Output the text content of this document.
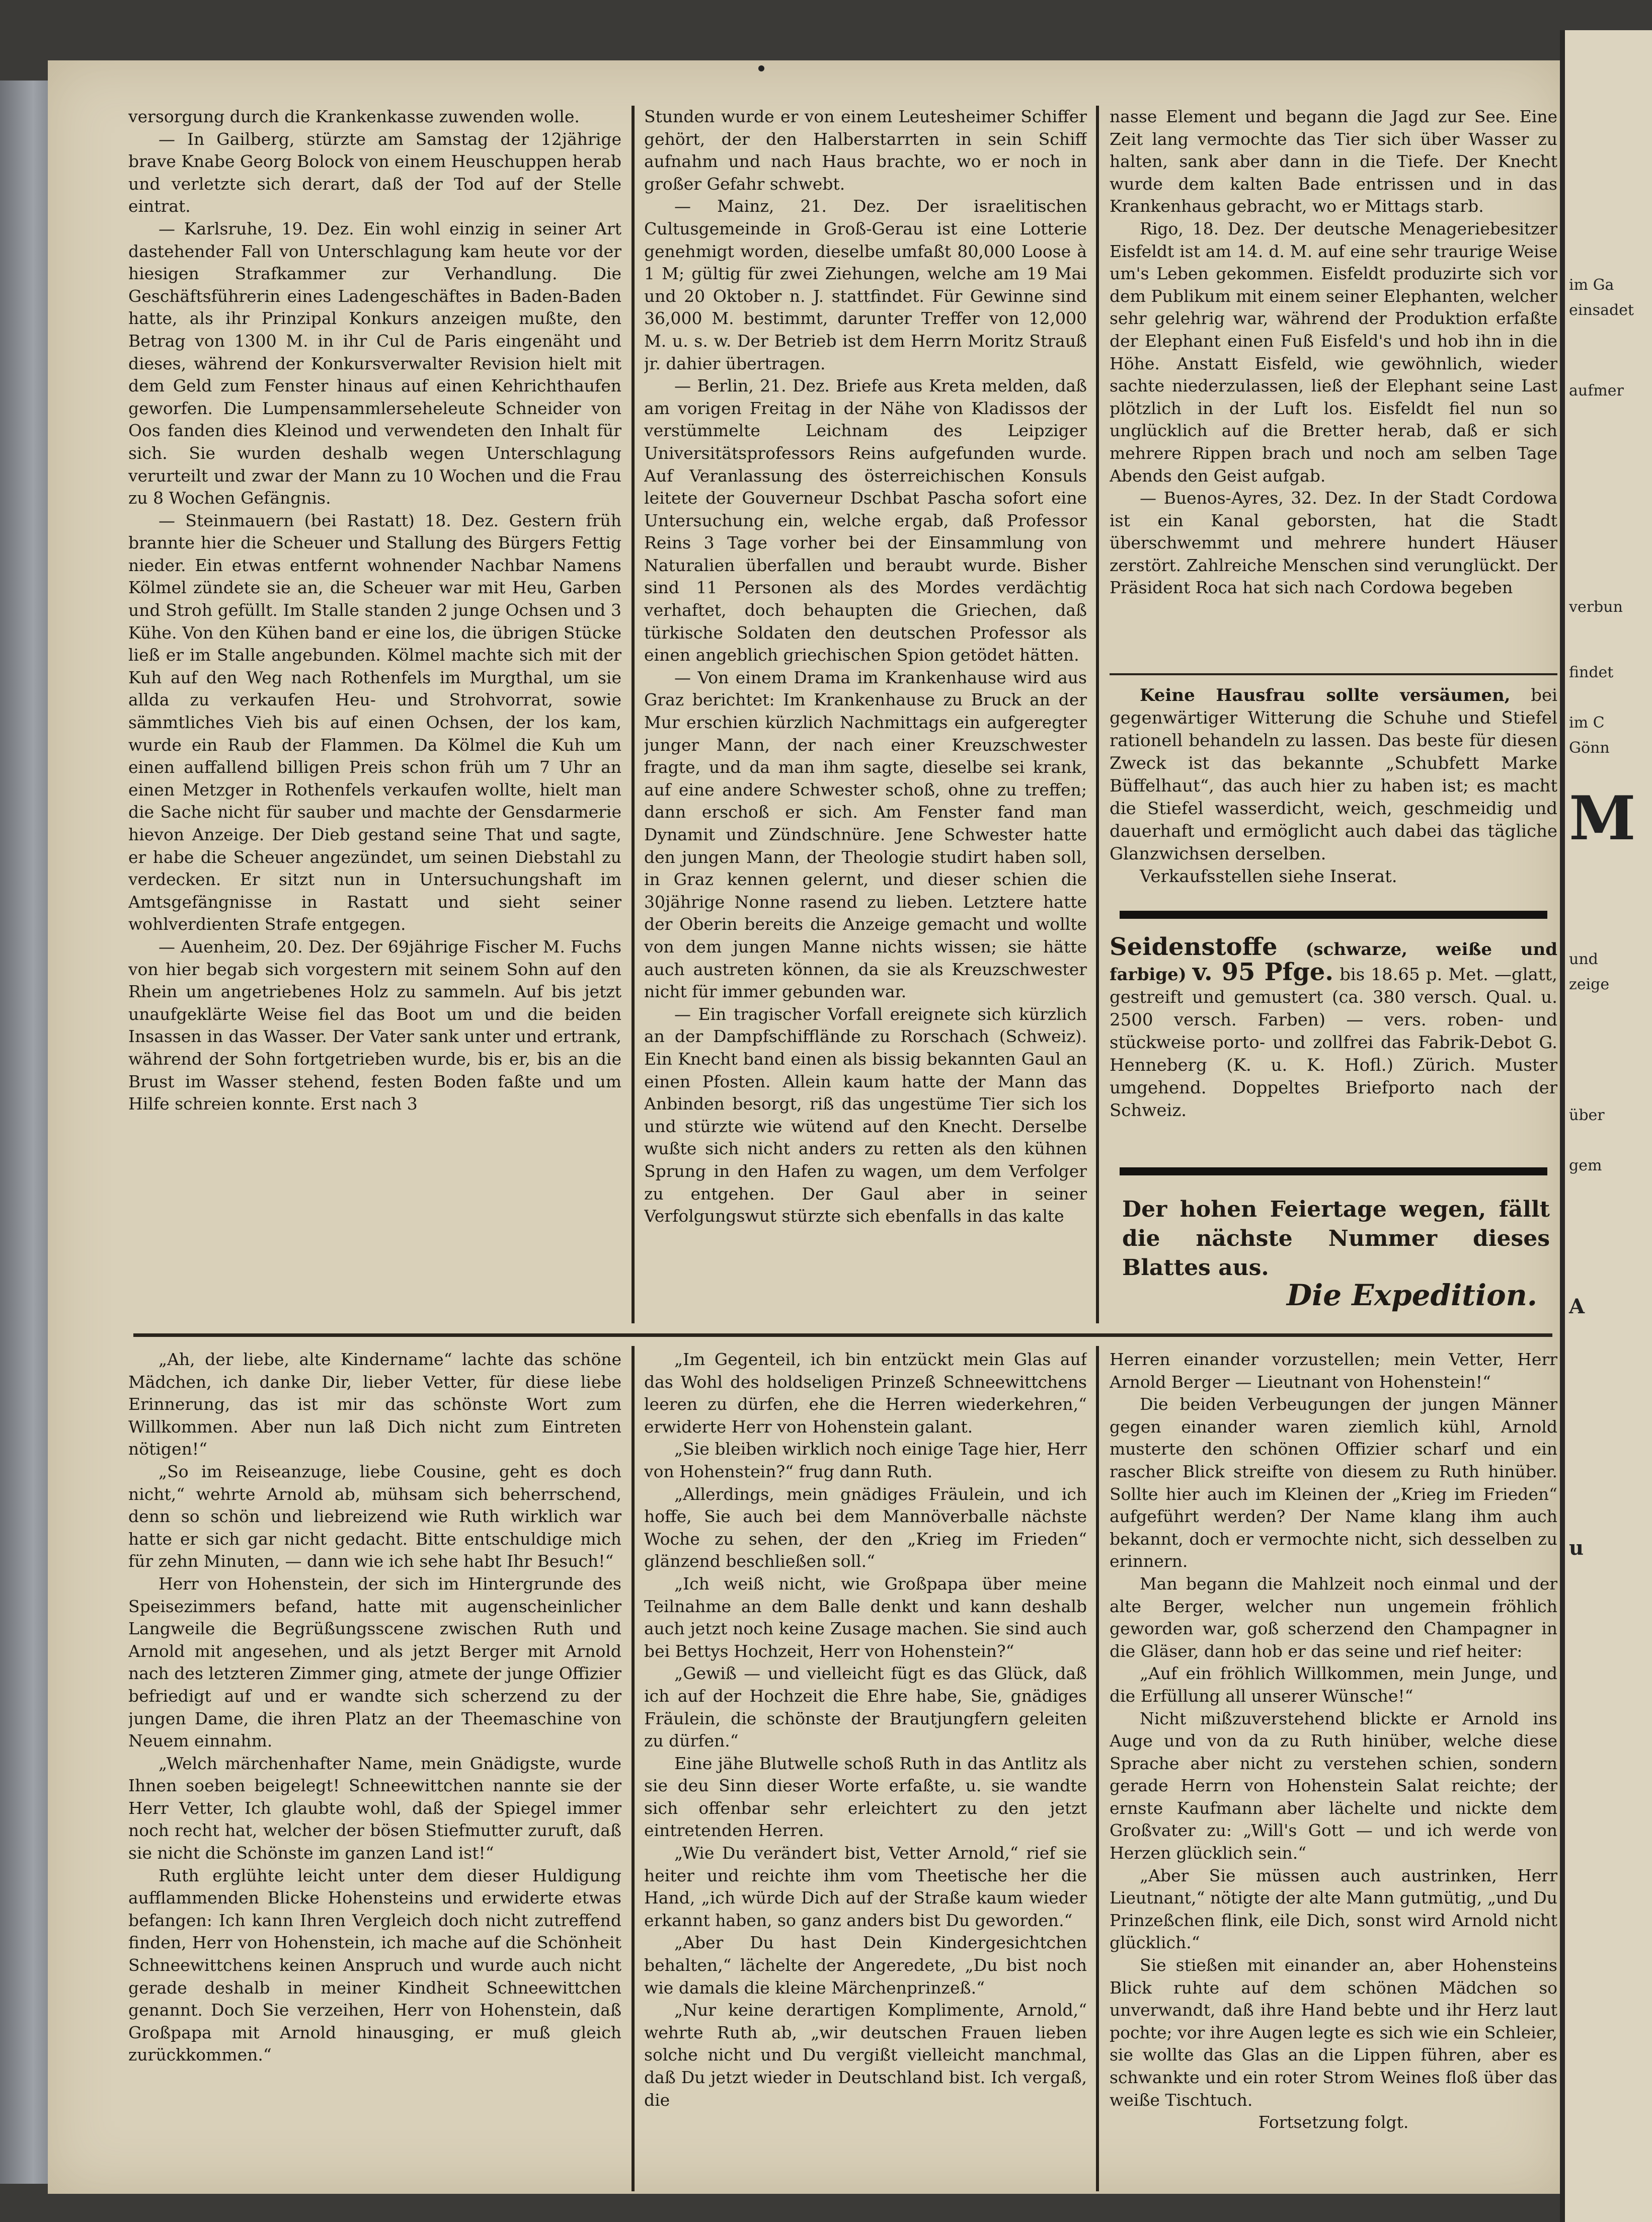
versorgung durch die Krankenkasse zuwenden wolle.

— In Gailberg, stürzte am Samstag der 12jährige brave Knabe Georg Bolock von einem Heuschuppen herab und verletzte sich derart, daß der Tod auf der Stelle eintrat.

— Karlsruhe, 19. Dez. Ein wohl einzig in seiner Art dastehender Fall von Unterschlagung kam heute vor der hiesigen Strafkammer zur Verhandlung. Die Geschäftsführerin eines Ladengeschäftes in Baden-Baden hatte, als ihr Prinzipal Konkurs anzeigen mußte, den Betrag von 1300 M. in ihr Cul de Paris eingenäht und dieses, während der Konkursverwalter Revision hielt mit dem Geld zum Fenster hinaus auf einen Kehrichthaufen geworfen. Die Lumpensammlerseheleute Schneider von Oos fanden dies Kleinod und verwendeten den Inhalt für sich. Sie wurden deshalb wegen Unterschlagung verurteilt und zwar der Mann zu 10 Wochen und die Frau zu 8 Wochen Gefängnis.

— Steinmauern (bei Rastatt) 18. Dez. Gestern früh brannte hier die Scheuer und Stallung des Bürgers Fettig nieder. Ein etwas entfernt wohnender Nachbar Namens Kölmel zündete sie an, die Scheuer war mit Heu, Garben und Stroh gefüllt. Im Stalle standen 2 junge Ochsen und 3 Kühe. Von den Kühen band er eine los, die übrigen Stücke ließ er im Stalle angebunden. Kölmel machte sich mit der Kuh auf den Weg nach Rothenfels im Murgthal, um sie allda zu verkaufen Heu- und Strohvorrat, sowie sämmtliches Vieh bis auf einen Ochsen, der los kam, wurde ein Raub der Flammen. Da Kölmel die Kuh um einen auffallend billigen Preis schon früh um 7 Uhr an einen Metzger in Rothenfels verkaufen wollte, hielt man die Sache nicht für sauber und machte der Gensdarmerie hievon Anzeige. Der Dieb gestand seine That und sagte, er habe die Scheuer angezündet, um seinen Diebstahl zu verdecken. Er sitzt nun in Untersuchungshaft im Amtsgefängnisse in Rastatt und sieht seiner wohlverdienten Strafe entgegen.

— Auenheim, 20. Dez. Der 69jährige Fischer M. Fuchs von hier begab sich vorgestern mit seinem Sohn auf den Rhein um angetriebenes Holz zu sammeln. Auf bis jetzt unaufgeklärte Weise fiel das Boot um und die beiden Insassen in das Wasser. Der Vater sank unter und ertrank, während der Sohn fortgetrieben wurde, bis er, bis an die Brust im Wasser stehend, festen Boden faßte und um Hilfe schreien konnte. Erst nach 3

Stunden wurde er von einem Leutesheimer Schiffer gehört, der den Halberstarrten in sein Schiff aufnahm und nach Haus brachte, wo er noch in großer Gefahr schwebt.

— Mainz, 21. Dez. Der israelitischen Cultusgemeinde in Groß-Gerau ist eine Lotterie genehmigt worden, dieselbe umfaßt 80,000 Loose à 1 M; gültig für zwei Ziehungen, welche am 19 Mai und 20 Oktober n. J. stattfindet. Für Gewinne sind 36,000 M. bestimmt, darunter Treffer von 12,000 M. u. s. w. Der Betrieb ist dem Herrn Moritz Strauß jr. dahier übertragen.

— Berlin, 21. Dez. Briefe aus Kreta melden, daß am vorigen Freitag in der Nähe von Kladissos der verstümmelte Leichnam des Leipziger Universitätsprofessors Reins aufgefunden wurde. Auf Veranlassung des österreichischen Konsuls leitete der Gouverneur Dschbat Pascha sofort eine Untersuchung ein, welche ergab, daß Professor Reins 3 Tage vorher bei der Einsammlung von Naturalien überfallen und beraubt wurde. Bisher sind 11 Personen als des Mordes verdächtig verhaftet, doch behaupten die Griechen, daß türkische Soldaten den deutschen Professor als einen angeblich griechischen Spion getödet hätten.

— Von einem Drama im Krankenhause wird aus Graz berichtet: Im Krankenhause zu Bruck an der Mur erschien kürzlich Nachmittags ein aufgeregter junger Mann, der nach einer Kreuzschwester fragte, und da man ihm sagte, dieselbe sei krank, auf eine andere Schwester schoß, ohne zu treffen; dann erschoß er sich. Am Fenster fand man Dynamit und Zündschnüre. Jene Schwester hatte den jungen Mann, der Theologie studirt haben soll, in Graz kennen gelernt, und dieser schien die 30jährige Nonne rasend zu lieben. Letztere hatte der Oberin bereits die Anzeige gemacht und wollte von dem jungen Manne nichts wissen; sie hätte auch austreten können, da sie als Kreuzschwester nicht für immer gebunden war.

— Ein tragischer Vorfall ereignete sich kürzlich an der Dampfschifflände zu Rorschach (Schweiz). Ein Knecht band einen als bissig bekannten Gaul an einen Pfosten. Allein kaum hatte der Mann das Anbinden besorgt, riß das ungestüme Tier sich los und stürzte wie wütend auf den Knecht. Derselbe wußte sich nicht anders zu retten als den kühnen Sprung in den Hafen zu wagen, um dem Verfolger zu entgehen. Der Gaul aber in seiner Verfolgungswut stürzte sich ebenfalls in das kalte

nasse Element und begann die Jagd zur See. Eine Zeit lang vermochte das Tier sich über Wasser zu halten, sank aber dann in die Tiefe. Der Knecht wurde dem kalten Bade entrissen und in das Krankenhaus gebracht, wo er Mittags starb.

Rigo, 18. Dez. Der deutsche Menageriebesitzer Eisfeldt ist am 14. d. M. auf eine sehr traurige Weise um's Leben gekommen. Eisfeldt produzirte sich vor dem Publikum mit einem seiner Elephanten, welcher sehr gelehrig war, während der Produktion erfaßte der Elephant einen Fuß Eisfeld's und hob ihn in die Höhe. Anstatt Eisfeld, wie gewöhnlich, wieder sachte niederzulassen, ließ der Elephant seine Last plötzlich in der Luft los. Eisfeldt fiel nun so unglücklich auf die Bretter herab, daß er sich mehrere Rippen brach und noch am selben Tage Abends den Geist aufgab.

— Buenos-Ayres, 32. Dez. In der Stadt Cordowa ist ein Kanal geborsten, hat die Stadt überschwemmt und mehrere hundert Häuser zerstört. Zahlreiche Menschen sind verunglückt. Der Präsident Roca hat sich nach Cordowa begeben

Keine Hausfrau sollte versäumen, bei gegenwärtiger Witterung die Schuhe und Stiefel rationell behandeln zu lassen. Das beste für diesen Zweck ist das bekannte „Schubfett Marke Büffelhaut“, das auch hier zu haben ist; es macht die Stiefel wasserdicht, weich, geschmeidig und dauerhaft und ermöglicht auch dabei das tägliche Glanzwichsen derselben.

Verkaufsstellen siehe Inserat.

Seidenstoffe (schwarze, weiße und farbige) v. 95 Pfge. bis 18.65 p. Met. —glatt, gestreift und gemustert (ca. 380 versch. Qual. u. 2500 versch. Farben) — vers. roben- und stückweise porto- und zollfrei das Fabrik-Debot G. Henneberg (K. u. K. Hofl.) Zürich. Muster umgehend. Doppeltes Briefporto nach der Schweiz.

Der hohen Feiertage wegen, fällt die nächste Nummer dieses Blattes aus.
Die Expedition.

„Ah, der liebe, alte Kindername“ lachte das schöne Mädchen, ich danke Dir, lieber Vetter, für diese liebe Erinnerung, das ist mir das schönste Wort zum Willkommen. Aber nun laß Dich nicht zum Eintreten nötigen!“

„So im Reiseanzuge, liebe Cousine, geht es doch nicht,“ wehrte Arnold ab, mühsam sich beherrschend, denn so schön und liebreizend wie Ruth wirklich war hatte er sich gar nicht gedacht. Bitte entschuldige mich für zehn Minuten, — dann wie ich sehe habt Ihr Besuch!“

Herr von Hohenstein, der sich im Hintergrunde des Speisezimmers befand, hatte mit augenscheinlicher Langweile die Begrüßungsscene zwischen Ruth und Arnold mit angesehen, und als jetzt Berger mit Arnold nach des letzteren Zimmer ging, atmete der junge Offizier befriedigt auf und er wandte sich scherzend zu der jungen Dame, die ihren Platz an der Theemaschine von Neuem einnahm.

„Welch märchenhafter Name, mein Gnädigste, wurde Ihnen soeben beigelegt! Schneewittchen nannte sie der Herr Vetter, Ich glaubte wohl, daß der Spiegel immer noch recht hat, welcher der bösen Stiefmutter zuruft, daß sie nicht die Schönste im ganzen Land ist!“

Ruth erglühte leicht unter dem dieser Huldigung aufflammenden Blicke Hohensteins und erwiderte etwas befangen: Ich kann Ihren Vergleich doch nicht zutreffend finden, Herr von Hohenstein, ich mache auf die Schönheit Schneewittchens keinen Anspruch und wurde auch nicht gerade deshalb in meiner Kindheit Schneewittchen genannt. Doch Sie verzeihen, Herr von Hohenstein, daß Großpapa mit Arnold hinausging, er muß gleich zurückkommen.“

„Im Gegenteil, ich bin entzückt mein Glas auf das Wohl des holdseligen Prinzeß Schneewittchens leeren zu dürfen, ehe die Herren wiederkehren,“ erwiderte Herr von Hohenstein galant.

„Sie bleiben wirklich noch einige Tage hier, Herr von Hohenstein?“ frug dann Ruth.

„Allerdings, mein gnädiges Fräulein, und ich hoffe, Sie auch bei dem Mannöverballe nächste Woche zu sehen, der den „Krieg im Frieden“ glänzend beschließen soll.“

„Ich weiß nicht, wie Großpapa über meine Teilnahme an dem Balle denkt und kann deshalb auch jetzt noch keine Zusage machen. Sie sind auch bei Bettys Hochzeit, Herr von Hohenstein?“

„Gewiß — und vielleicht fügt es das Glück, daß ich auf der Hochzeit die Ehre habe, Sie, gnädiges Fräulein, die schönste der Brautjungfern geleiten zu dürfen.“

Eine jähe Blutwelle schoß Ruth in das Antlitz als sie deu Sinn dieser Worte erfaßte, u. sie wandte sich offenbar sehr erleichtert zu den jetzt eintretenden Herren.

„Wie Du verändert bist, Vetter Arnold,“ rief sie heiter und reichte ihm vom Theetische her die Hand, „ich würde Dich auf der Straße kaum wieder erkannt haben, so ganz anders bist Du geworden.“

„Aber Du hast Dein Kindergesichtchen behalten,“ lächelte der Angeredete, „Du bist noch wie damals die kleine Märchenprinzeß.“

„Nur keine derartigen Komplimente, Arnold,“ wehrte Ruth ab, „wir deutschen Frauen lieben solche nicht und Du vergißt vielleicht manchmal, daß Du jetzt wieder in Deutschland bist. Ich vergaß, die

Herren einander vorzustellen; mein Vetter, Herr Arnold Berger — Lieutnant von Hohenstein!“

Die beiden Verbeugungen der jungen Männer gegen einander waren ziemlich kühl, Arnold musterte den schönen Offizier scharf und ein rascher Blick streifte von diesem zu Ruth hinüber. Sollte hier auch im Kleinen der „Krieg im Frieden“ aufgeführt werden? Der Name klang ihm auch bekannt, doch er vermochte nicht, sich desselben zu erinnern.

Man begann die Mahlzeit noch einmal und der alte Berger, welcher nun ungemein fröhlich geworden war, goß scherzend den Champagner in die Gläser, dann hob er das seine und rief heiter:

„Auf ein fröhlich Willkommen, mein Junge, und die Erfüllung all unserer Wünsche!“

Nicht mißzuverstehend blickte er Arnold ins Auge und von da zu Ruth hinüber, welche diese Sprache aber nicht zu verstehen schien, sondern gerade Herrn von Hohenstein Salat reichte; der ernste Kaufmann aber lächelte und nickte dem Großvater zu: „Will's Gott — und ich werde von Herzen glücklich sein.“

„Aber Sie müssen auch austrinken, Herr Lieutnant,“ nötigte der alte Mann gutmütig, „und Du Prinzeßchen flink, eile Dich, sonst wird Arnold nicht glücklich.“

Sie stießen mit einander an, aber Hohensteins Blick ruhte auf dem schönen Mädchen so unverwandt, daß ihre Hand bebte und ihr Herz laut pochte; vor ihre Augen legte es sich wie ein Schleier, sie wollte das Glas an die Lippen führen, aber es schwankte und ein roter Strom Weines floß über das weiße Tischtuch.

Fortsetzung folgt.

im Ga
einsadet
aufmer
verbun
findet
im C
Gönn
M
und
zeige
über
gem
A
u
